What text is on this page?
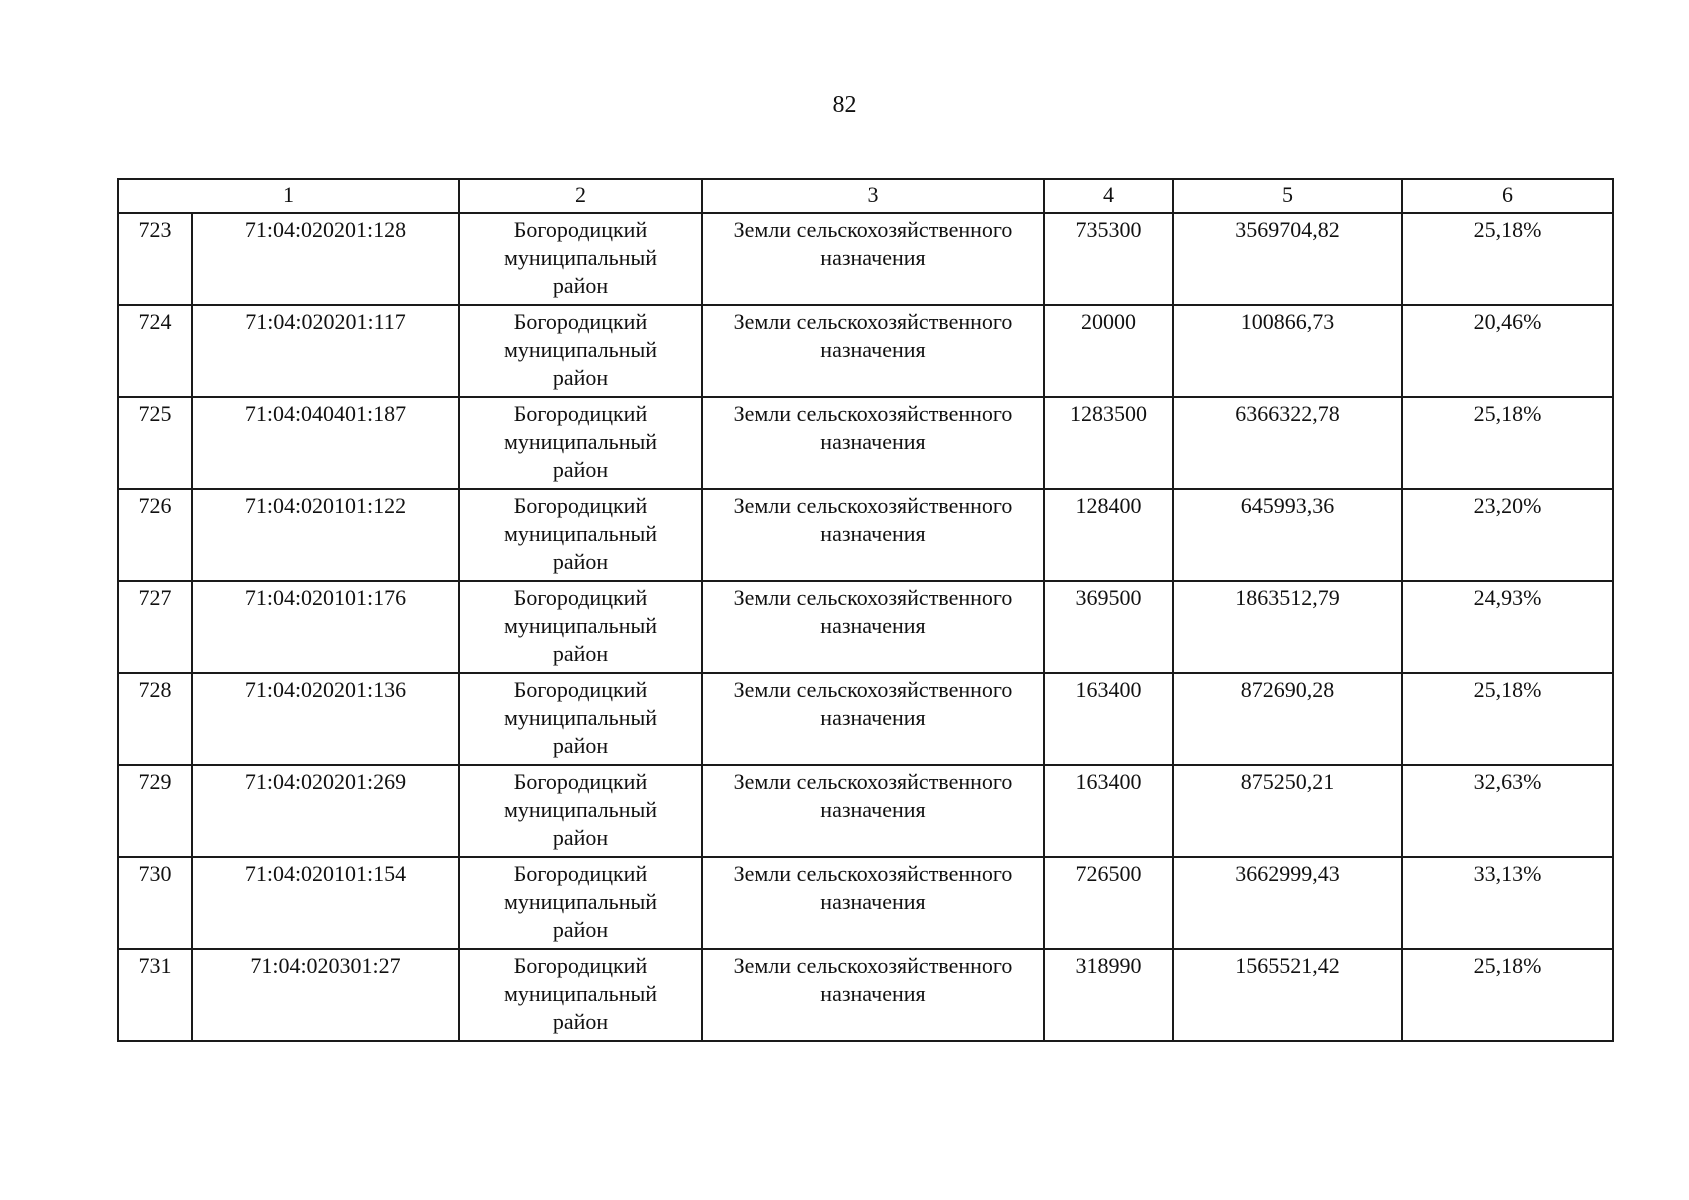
82
1		2	3	4	5	6
723	71:04:020201:128	Богородицкий
муниципальный
район	Земли сельскохозяйственного
назначения	735300	3569704,82	25,18%
724	71:04:020201:117	Богородицкий
муниципальный
район	Земли сельскохозяйственного
назначения	20000	100866,73	20,46%
725	71:04:040401:187	Богородицкий
муниципальный
район	Земли сельскохозяйственного
назначения	1283500	6366322,78	25,18%
726	71:04:020101:122	Богородицкий
муниципальный
район	Земли сельскохозяйственного
назначения	128400	645993,36	23,20%
727	71:04:020101:176	Богородицкий
муниципальный
район	Земли сельскохозяйственного
назначения	369500	1863512,79	24,93%
728	71:04:020201:136	Богородицкий
муниципальный
район	Земли сельскохозяйственного
назначения	163400	872690,28	25,18%
729	71:04:020201:269	Богородицкий
муниципальный
район	Земли сельскохозяйственного
назначения	163400	875250,21	32,63%
730	71:04:020101:154	Богородицкий
муниципальный
район	Земли сельскохозяйственного
назначения	726500	3662999,43	33,13%
731	71:04:020301:27	Богородицкий
муниципальный
район	Земли сельскохозяйственного
назначения	318990	1565521,42	25,18%
